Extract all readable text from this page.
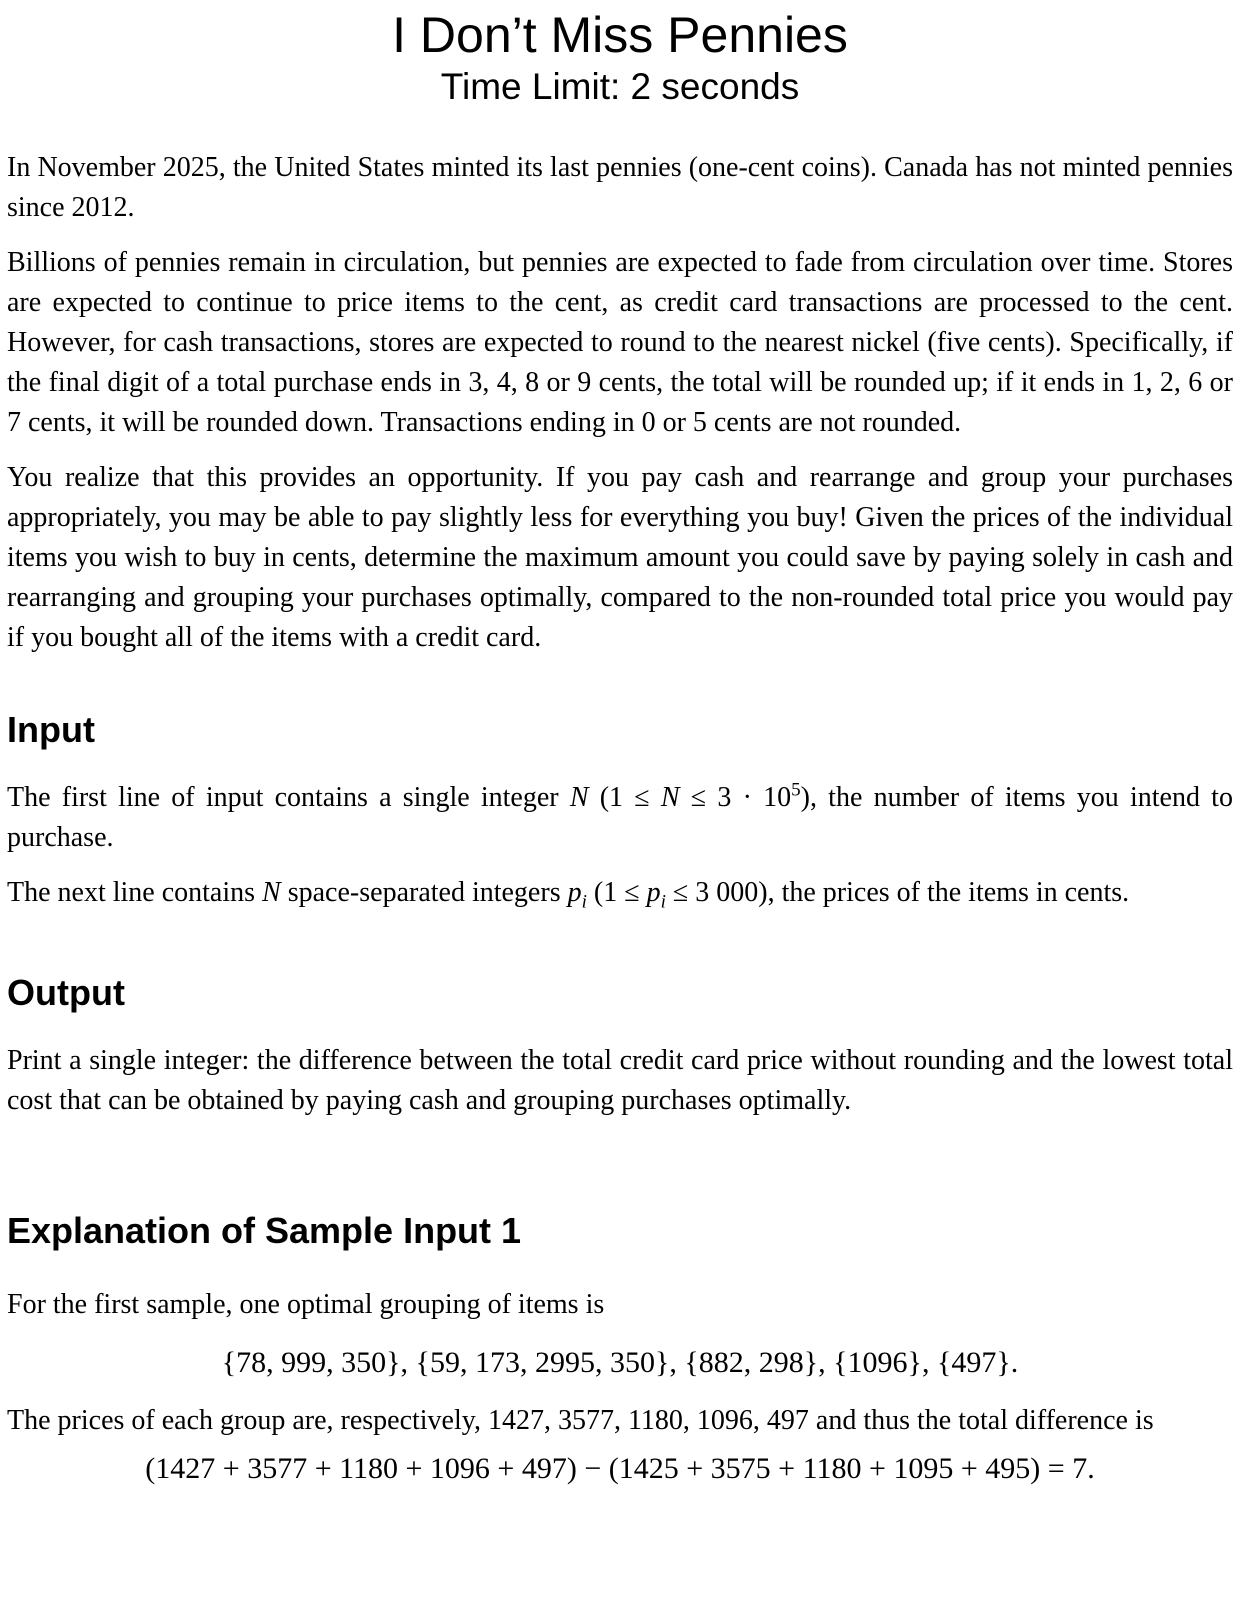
I Don’t Miss Pennies
Time Limit: 2 seconds

In November 2025, the United States minted its last pennies (one-cent coins). Canada has not minted pennies since 2012.

Billions of pennies remain in circulation, but pennies are expected to fade from circulation over time. Stores are expected to continue to price items to the cent, as credit card transactions are processed to the cent. However, for cash transactions, stores are expected to round to the nearest nickel (five cents). Specifically, if the final digit of a total purchase ends in 3, 4, 8 or 9 cents, the total will be rounded up; if it ends in 1, 2, 6 or 7 cents, it will be rounded down. Transactions ending in 0 or 5 cents are not rounded.

You realize that this provides an opportunity. If you pay cash and rearrange and group your purchases appropriately, you may be able to pay slightly less for everything you buy! Given the prices of the individual items you wish to buy in cents, determine the maximum amount you could save by paying solely in cash and rearranging and grouping your purchases optimally, compared to the non-rounded total price you would pay if you bought all of the items with a credit card.

Input

The first line of input contains a single integer N $(1 \le N \le 3 \cdot 10^5)$, the number of items you intend to purchase.

The next line contains N space-separated integers $p_i$ ($1 \le p_i \le 3$ 000), the prices of the items in cents.

Output

Print a single integer: the difference between the total credit card price without rounding and the lowest total cost that can be obtained by paying cash and grouping purchases optimally.

Explanation of Sample Input 1

For the first sample, one optimal grouping of items is

{78, 999, 350}, {59, 173, 2995, 350}, {882, 298}, {1096}, {497}.

The prices of each group are, respectively, 1427, 3577, 1180, 1096, 497 and thus the total difference is

(1427 + 3577 + 1180 + 1096 + 497) − (1425 + 3575 + 1180 + 1095 + 495) = 7.
